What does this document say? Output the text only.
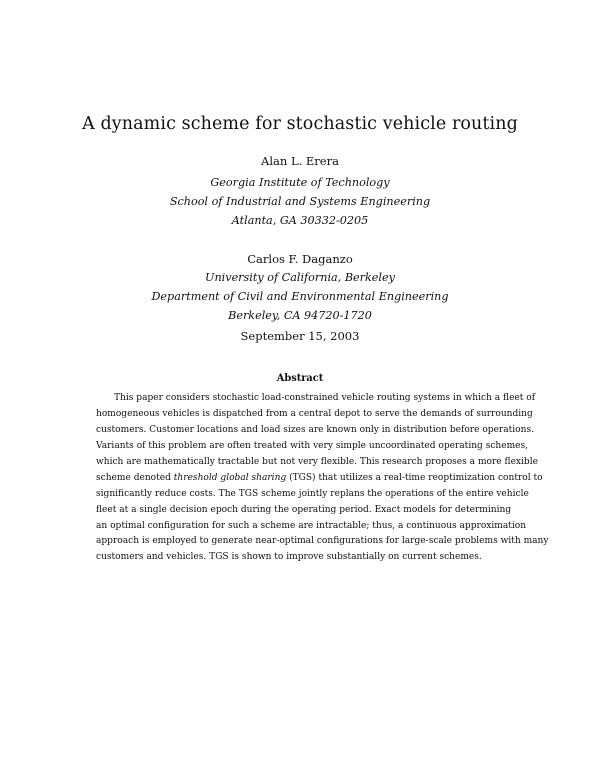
A dynamic scheme for stochastic vehicle routing
Alan L. Erera
Georgia Institute of Technology
School of Industrial and Systems Engineering
Atlanta, GA 30332-0205
Carlos F. Daganzo
University of California, Berkeley
Department of Civil and Environmental Engineering
Berkeley, CA 94720-1720
September 15, 2003
Abstract
This paper considers stochastic load-constrained vehicle routing systems in which a fleet of
homogeneous vehicles is dispatched from a central depot to serve the demands of surrounding
customers. Customer locations and load sizes are known only in distribution before operations.
Variants of this problem are often treated with very simple uncoordinated operating schemes,
which are mathematically tractable but not very flexible. This research proposes a more flexible
scheme denoted threshold global sharing (TGS) that utilizes a real-time reoptimization control to
significantly reduce costs. The TGS scheme jointly replans the operations of the entire vehicle
fleet at a single decision epoch during the operating period. Exact models for determining
an optimal configuration for such a scheme are intractable; thus, a continuous approximation
approach is employed to generate near-optimal configurations for large-scale problems with many
customers and vehicles. TGS is shown to improve substantially on current schemes.
